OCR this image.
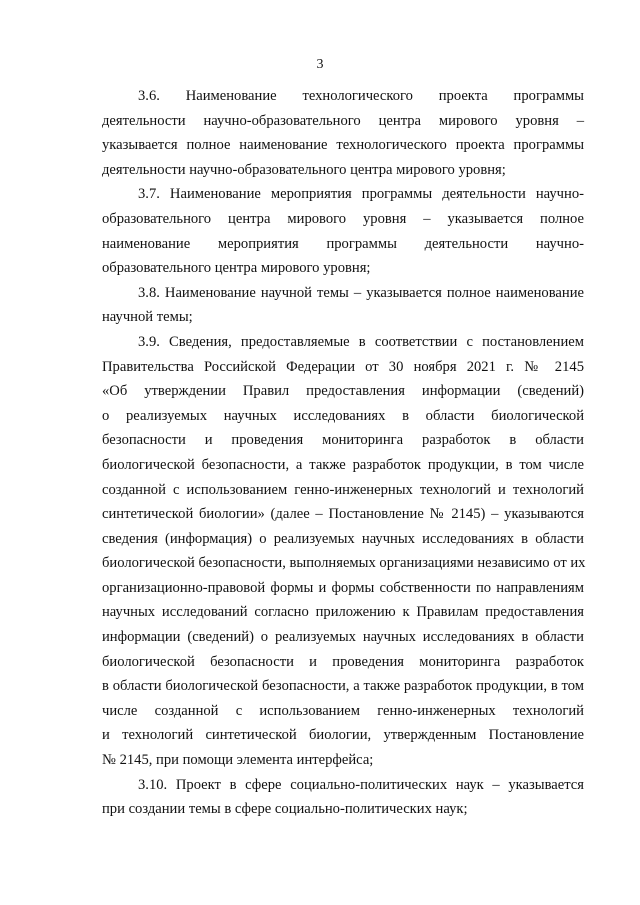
3
3.6. Наименование технологического проекта программы
деятельности научно-образовательного центра мирового уровня –
указывается полное наименование технологического проекта программы
деятельности научно-образовательного центра мирового уровня;
3.7. Наименование мероприятия программы деятельности научно-
образовательного центра мирового уровня – указывается полное
наименование мероприятия программы деятельности научно-
образовательного центра мирового уровня;
3.8. Наименование научной темы – указывается полное наименование
научной темы;
3.9. Сведения, предоставляемые в соответствии с постановлением
Правительства Российской Федерации от 30 ноября 2021 г. № 2145
«Об утверждении Правил предоставления информации (сведений)
о реализуемых научных исследованиях в области биологической
безопасности и проведения мониторинга разработок в области
биологической безопасности, а также разработок продукции, в том числе
созданной с использованием генно-инженерных технологий и технологий
синтетической биологии» (далее – Постановление № 2145) – указываются
сведения (информация) о реализуемых научных исследованиях в области
биологической безопасности, выполняемых организациями независимо от их
организационно-правовой формы и формы собственности по направлениям
научных исследований согласно приложению к Правилам предоставления
информации (сведений) о реализуемых научных исследованиях в области
биологической безопасности и проведения мониторинга разработок
в области биологической безопасности, а также разработок продукции, в том
числе созданной с использованием генно-инженерных технологий
и технологий синтетической биологии, утвержденным Постановление
№ 2145, при помощи элемента интерфейса;
3.10. Проект в сфере социально-политических наук – указывается
при создании темы в сфере социально-политических наук;
